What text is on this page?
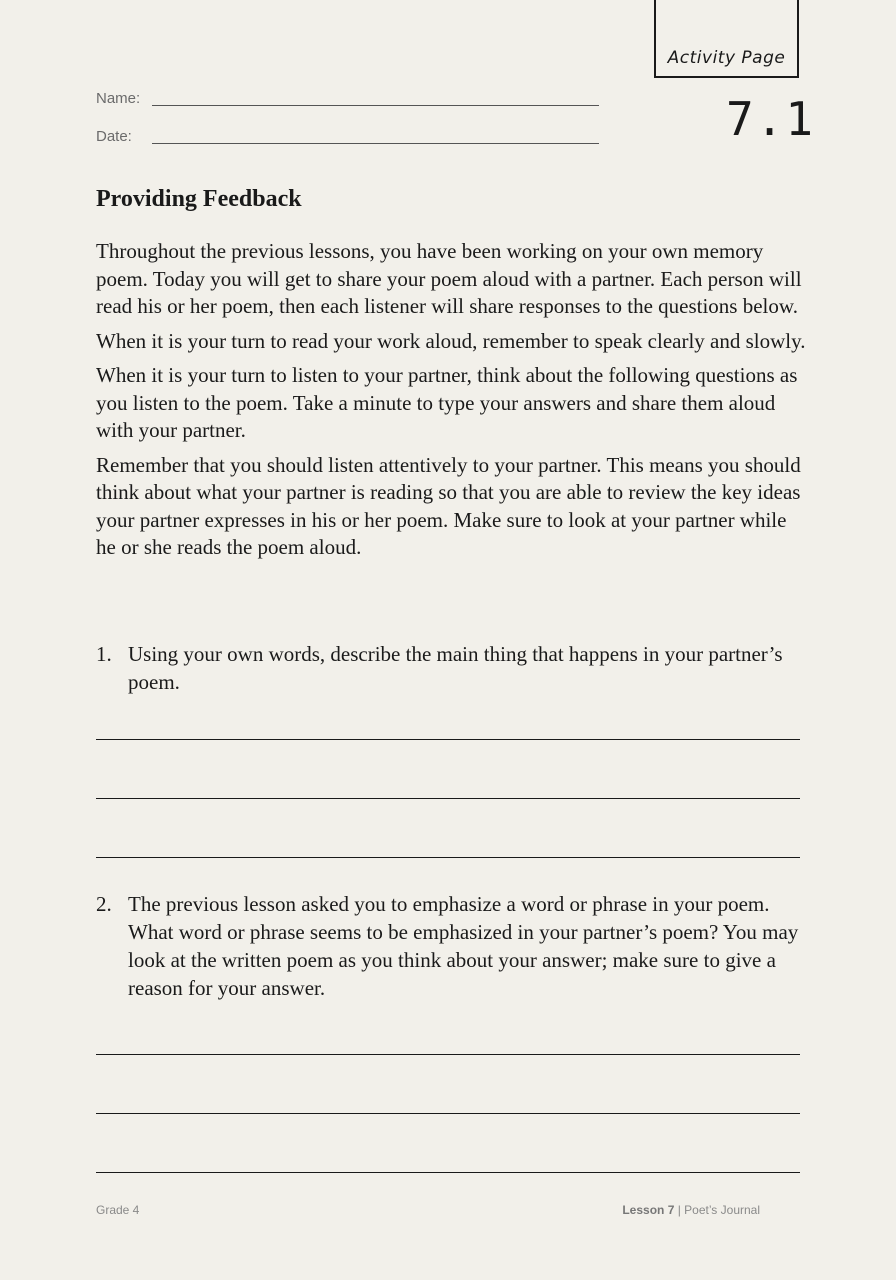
Activity Page
7.1
Name:
Date:
Providing Feedback

Throughout the previous lessons, you have been working on your own memory poem. Today you will get to share your poem aloud with a partner. Each person will read his or her poem, then each listener will share responses to the questions below.

When it is your turn to read your work aloud, remember to speak clearly and slowly.

When it is your turn to listen to your partner, think about the following questions as you listen to the poem. Take a minute to type your answers and share them aloud with your partner.

Remember that you should listen attentively to your partner. This means you should think about what your partner is reading so that you are able to review the key ideas your partner expresses in his or her poem. Make sure to look at your partner while he or she reads the poem aloud.

1. Using your own words, describe the main thing that happens in your partner’s poem.
2. The previous lesson asked you to emphasize a word or phrase in your poem. What word or phrase seems to be emphasized in your partner’s poem? You may look at the written poem as you think about your answer; make sure to give a reason for your answer.
Grade 4	Lesson 7 | Poet’s Journal
